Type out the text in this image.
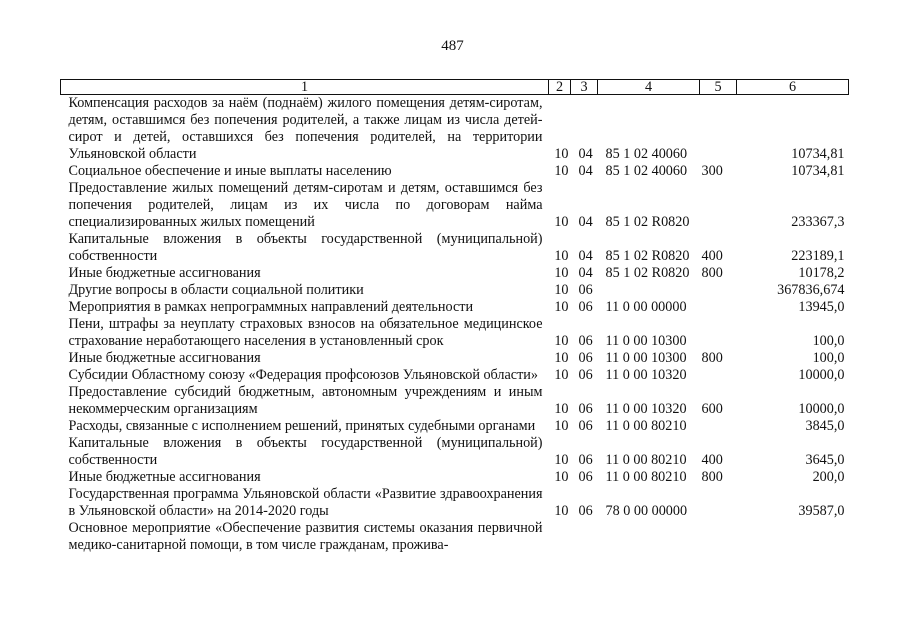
487
1	2	3	4	5	6
Компенсация расходов за наём (поднаём) жилого помещения детям-сиротам, детям, оставшимся без попечения родителей, а также лицам из числа детей-сирот и детей, оставшихся без попечения родителей, на территории Ульяновской области	10	04	85 1 02 40060		10734,81
Социальное обеспечение и иные выплаты населению	10	04	85 1 02 40060	300	10734,81
Предоставление жилых помещений детям-сиротам и детям, оставшимся без попечения родителей, лицам из их числа по договорам найма специализированных жилых помещений	10	04	85 1 02 R0820		233367,3
Капитальные вложения в объекты государственной (муниципальной) собственности	10	04	85 1 02 R0820	400	223189,1
Иные бюджетные ассигнования	10	04	85 1 02 R0820	800	10178,2
Другие вопросы в области социальной политики	10	06			367836,674
Мероприятия в рамках непрограммных направлений деятельности	10	06	11 0 00 00000		13945,0
Пени, штрафы за неуплату страховых взносов на обязательное медицинское страхование неработающего населения в установленный срок	10	06	11 0 00 10300		100,0
Иные бюджетные ассигнования	10	06	11 0 00 10300	800	100,0
Субсидии Областному союзу «Федерация профсоюзов Ульяновской области»	10	06	11 0 00 10320		10000,0
Предоставление субсидий бюджетным, автономным учреждениям и иным некоммерческим организациям	10	06	11 0 00 10320	600	10000,0
Расходы, связанные с исполнением решений, принятых судебными органами	10	06	11 0 00 80210		3845,0
Капитальные вложения в объекты государственной (муниципальной) собственности	10	06	11 0 00 80210	400	3645,0
Иные бюджетные ассигнования	10	06	11 0 00 80210	800	200,0
Государственная программа Ульяновской области «Развитие здравоохранения в Ульяновской области» на 2014-2020 годы	10	06	78 0 00 00000		39587,0
Основное мероприятие «Обеспечение развития системы оказания первичной медико-санитарной помощи, в том числе гражданам, прожива-					
